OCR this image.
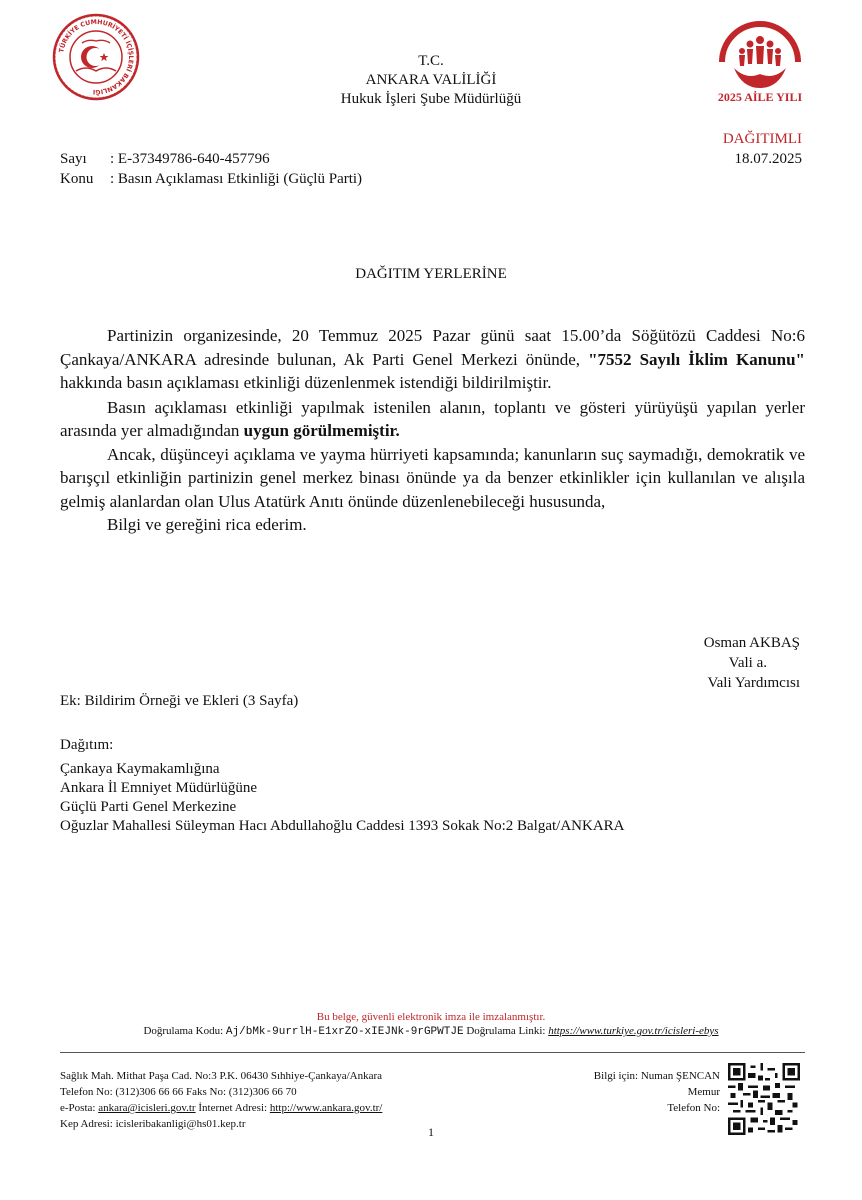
TÜRKİYE CUMHURİYETİ İÇİŞLERİ BAKANLIĞI	2025 AİLE YILI
T.C.
ANKARA VALİLİĞİ
Hukuk İşleri Şube Müdürlüğü
DAĞITIMLI
18.07.2025
Sayı : E-37349786-640-457796
Konu : Basın Açıklaması Etkinliği (Güçlü Parti)
DAĞITIM YERLERİNE

Partinizin organizesinde, 20 Temmuz 2025 Pazar günü saat 15.00’da Söğütözü Caddesi No:6 Çankaya/ANKARA adresinde bulunan, Ak Parti Genel Merkezi önünde, "7552 Sayılı İklim Kanunu" hakkında basın açıklaması etkinliği düzenlenmek istendiği bildirilmiştir.

Basın açıklaması etkinliği yapılmak istenilen alanın, toplantı ve gösteri yürüyüşü yapılan yerler arasında yer almadığından uygun görülmemiştir.

Ancak, düşünceyi açıklama ve yayma hürriyeti kapsamında; kanunların suç saymadığı, demokratik ve barışçıl etkinliğin partinizin genel merkez binası önünde ya da benzer etkinlikler için kullanılan ve alışıla gelmiş alanlardan olan Ulus Atatürk Anıtı önünde düzenlenebileceği hususunda,

Bilgi ve gereğini rica ederim.

Osman AKBAŞ
Vali a.
Vali Yardımcısı
Ek: Bildirim Örneği ve Ekleri (3 Sayfa)
Dağıtım:
Çankaya Kaymakamlığına
Ankara İl Emniyet Müdürlüğüne
Güçlü Parti Genel Merkezine
Oğuzlar Mahallesi Süleyman Hacı Abdullahoğlu Caddesi 1393 Sokak No:2 Balgat/ANKARA
Bu belge, güvenli elektronik imza ile imzalanmıştır.
Doğrulama Kodu: Aj/bMk-9urrlH-E1xrZO-xIEJNk-9rGPWTJE Doğrulama Linki: https://www.turkiye.gov.tr/icisleri-ebys
Sağlık Mah. Mithat Paşa Cad. No:3 P.K. 06430 Sıhhiye-Çankaya/Ankara
Telefon No: (312)306 66 66 Faks No: (312)306 66 70
e-Posta: ankara@icisleri.gov.tr İnternet Adresi: http://www.ankara.gov.tr/
Kep Adresi: icisleribakanligi@hs01.kep.tr
Bilgi için: Numan ŞENCAN
Memur
Telefon No:
1
